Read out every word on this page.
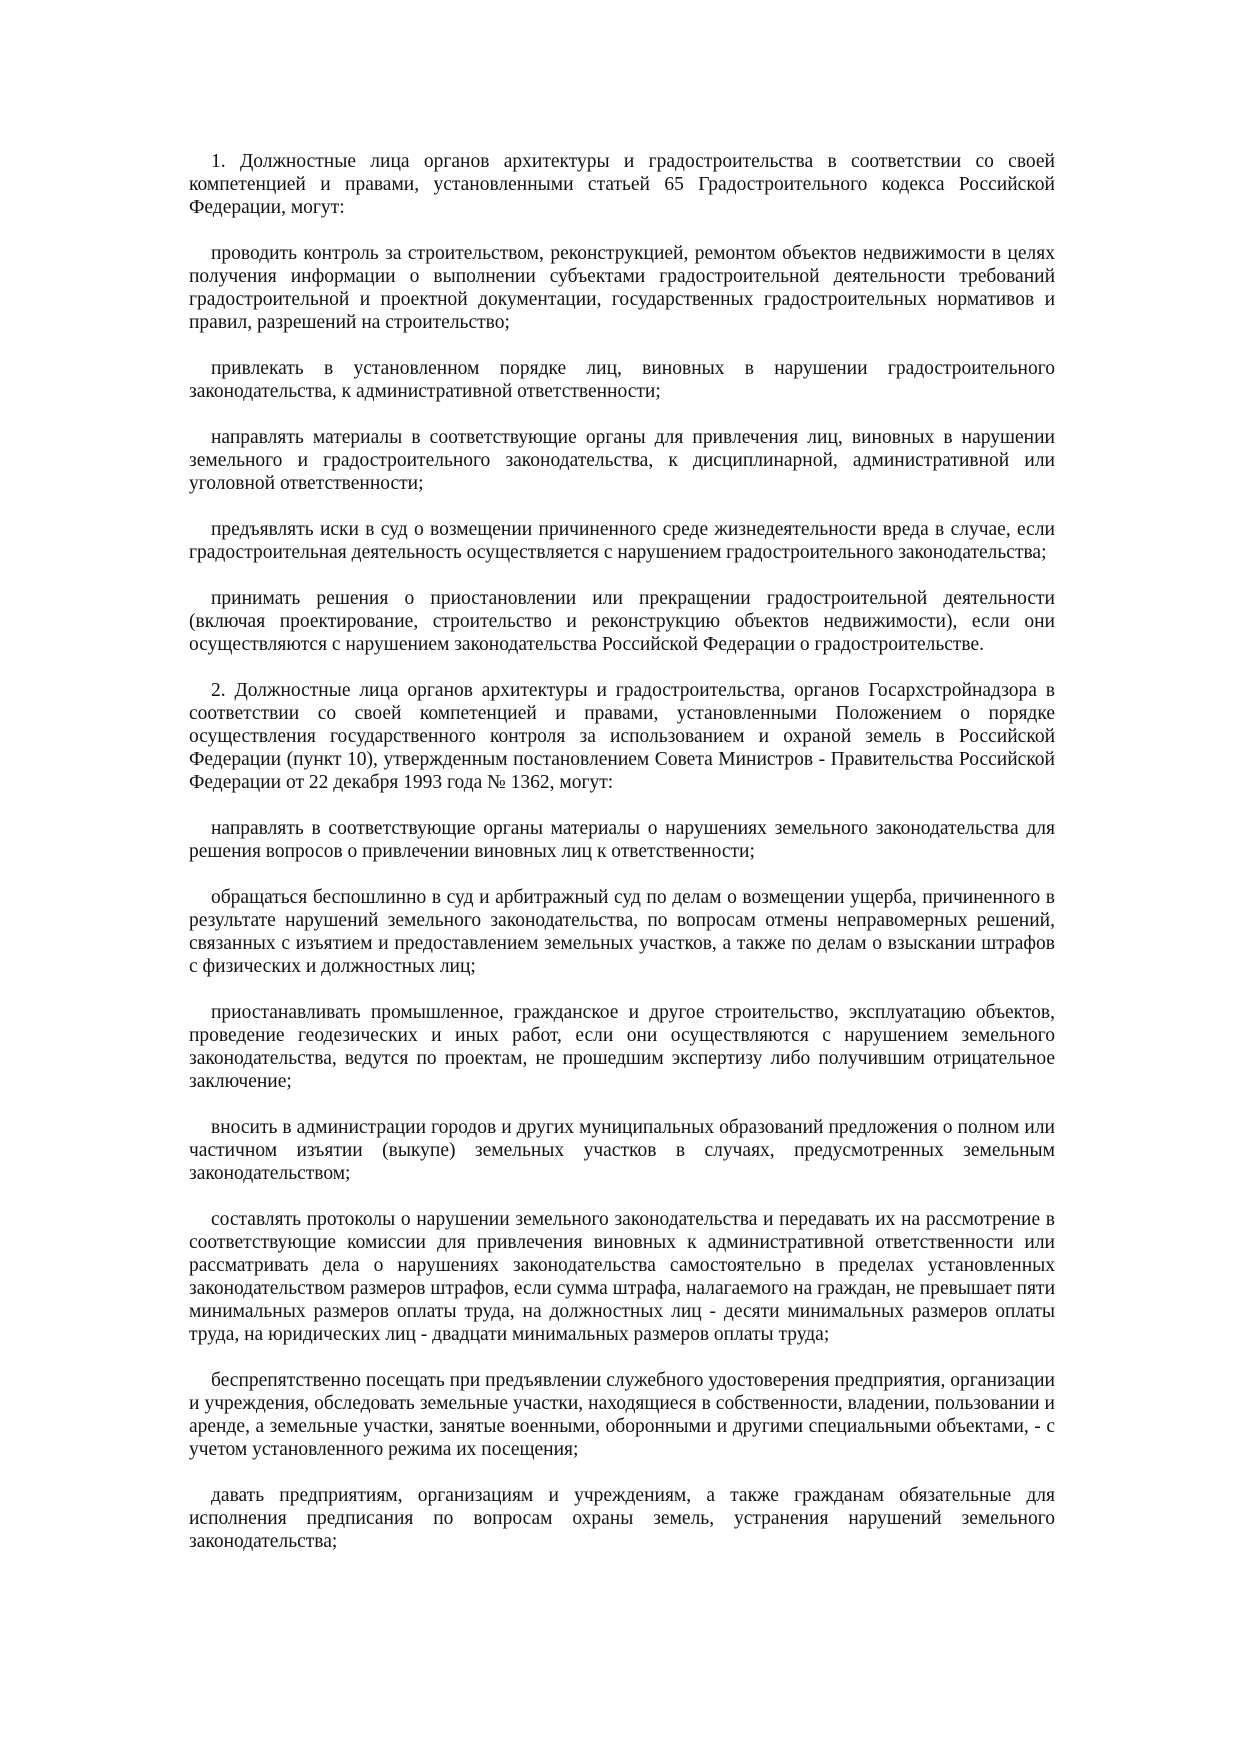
1. Должностные лица органов архитектуры и градостроительства в соответствии со своей компетенцией и правами, установленными статьей 65 Градостроительного кодекса Российской Федерации, могут:

проводить контроль за строительством, реконструкцией, ремонтом объектов недвижимости в целях получения информации о выполнении субъектами градостроительной деятельности требований градостроительной и проектной документации, государственных градостроительных нормативов и правил, разрешений на строительство;

привлекать в установленном порядке лиц, виновных в нарушении градостроительного законодательства, к административной ответственности;

направлять материалы в соответствующие органы для привлечения лиц, виновных в нарушении земельного и градостроительного законодательства, к дисциплинарной, административной или уголовной ответственности;

предъявлять иски в суд о возмещении причиненного среде жизнедеятельности вреда в случае, если градостроительная деятельность осуществляется с нарушением градостроительного законодательства;

принимать решения о приостановлении или прекращении градостроительной деятельности (включая проектирование, строительство и реконструкцию объектов недвижимости), если они осуществляются с нарушением законодательства Российской Федерации о градостроительстве.

2. Должностные лица органов архитектуры и градостроительства, органов Госархстройнадзора в соответствии со своей компетенцией и правами, установленными Положением о порядке осуществления государственного контроля за использованием и охраной земель в Российской Федерации (пункт 10), утвержденным постановлением Совета Министров - Правительства Российской Федерации от 22 декабря 1993 года № 1362, могут:

направлять в соответствующие органы материалы о нарушениях земельного законодательства для решения вопросов о привлечении виновных лиц к ответственности;

обращаться беспошлинно в суд и арбитражный суд по делам о возмещении ущерба, причиненного в результате нарушений земельного законодательства, по вопросам отмены неправомерных решений, связанных с изъятием и предоставлением земельных участков, а также по делам о взыскании штрафов с физических и должностных лиц;

приостанавливать промышленное, гражданское и другое строительство, эксплуатацию объектов, проведение геодезических и иных работ, если они осуществляются с нарушением земельного законодательства, ведутся по проектам, не прошедшим экспертизу либо получившим отрицательное заключение;

вносить в администрации городов и других муниципальных образований предложения о полном или частичном изъятии (выкупе) земельных участков в случаях, предусмотренных земельным законодательством;

составлять протоколы о нарушении земельного законодательства и передавать их на рассмотрение в соответствующие комиссии для привлечения виновных к административной ответственности или рассматривать дела о нарушениях законодательства самостоятельно в пределах установленных законодательством размеров штрафов, если сумма штрафа, налагаемого на граждан, не превышает пяти минимальных размеров оплаты труда, на должностных лиц - десяти минимальных размеров оплаты труда, на юридических лиц - двадцати минимальных размеров оплаты труда;

беспрепятственно посещать при предъявлении служебного удостоверения предприятия, организации и учреждения, обследовать земельные участки, находящиеся в собственности, владении, пользовании и аренде, а земельные участки, занятые военными, оборонными и другими специальными объектами, - с учетом установленного режима их посещения;

давать предприятиям, организациям и учреждениям, а также гражданам обязательные для исполнения предписания по вопросам охраны земель, устранения нарушений земельного законодательства;
